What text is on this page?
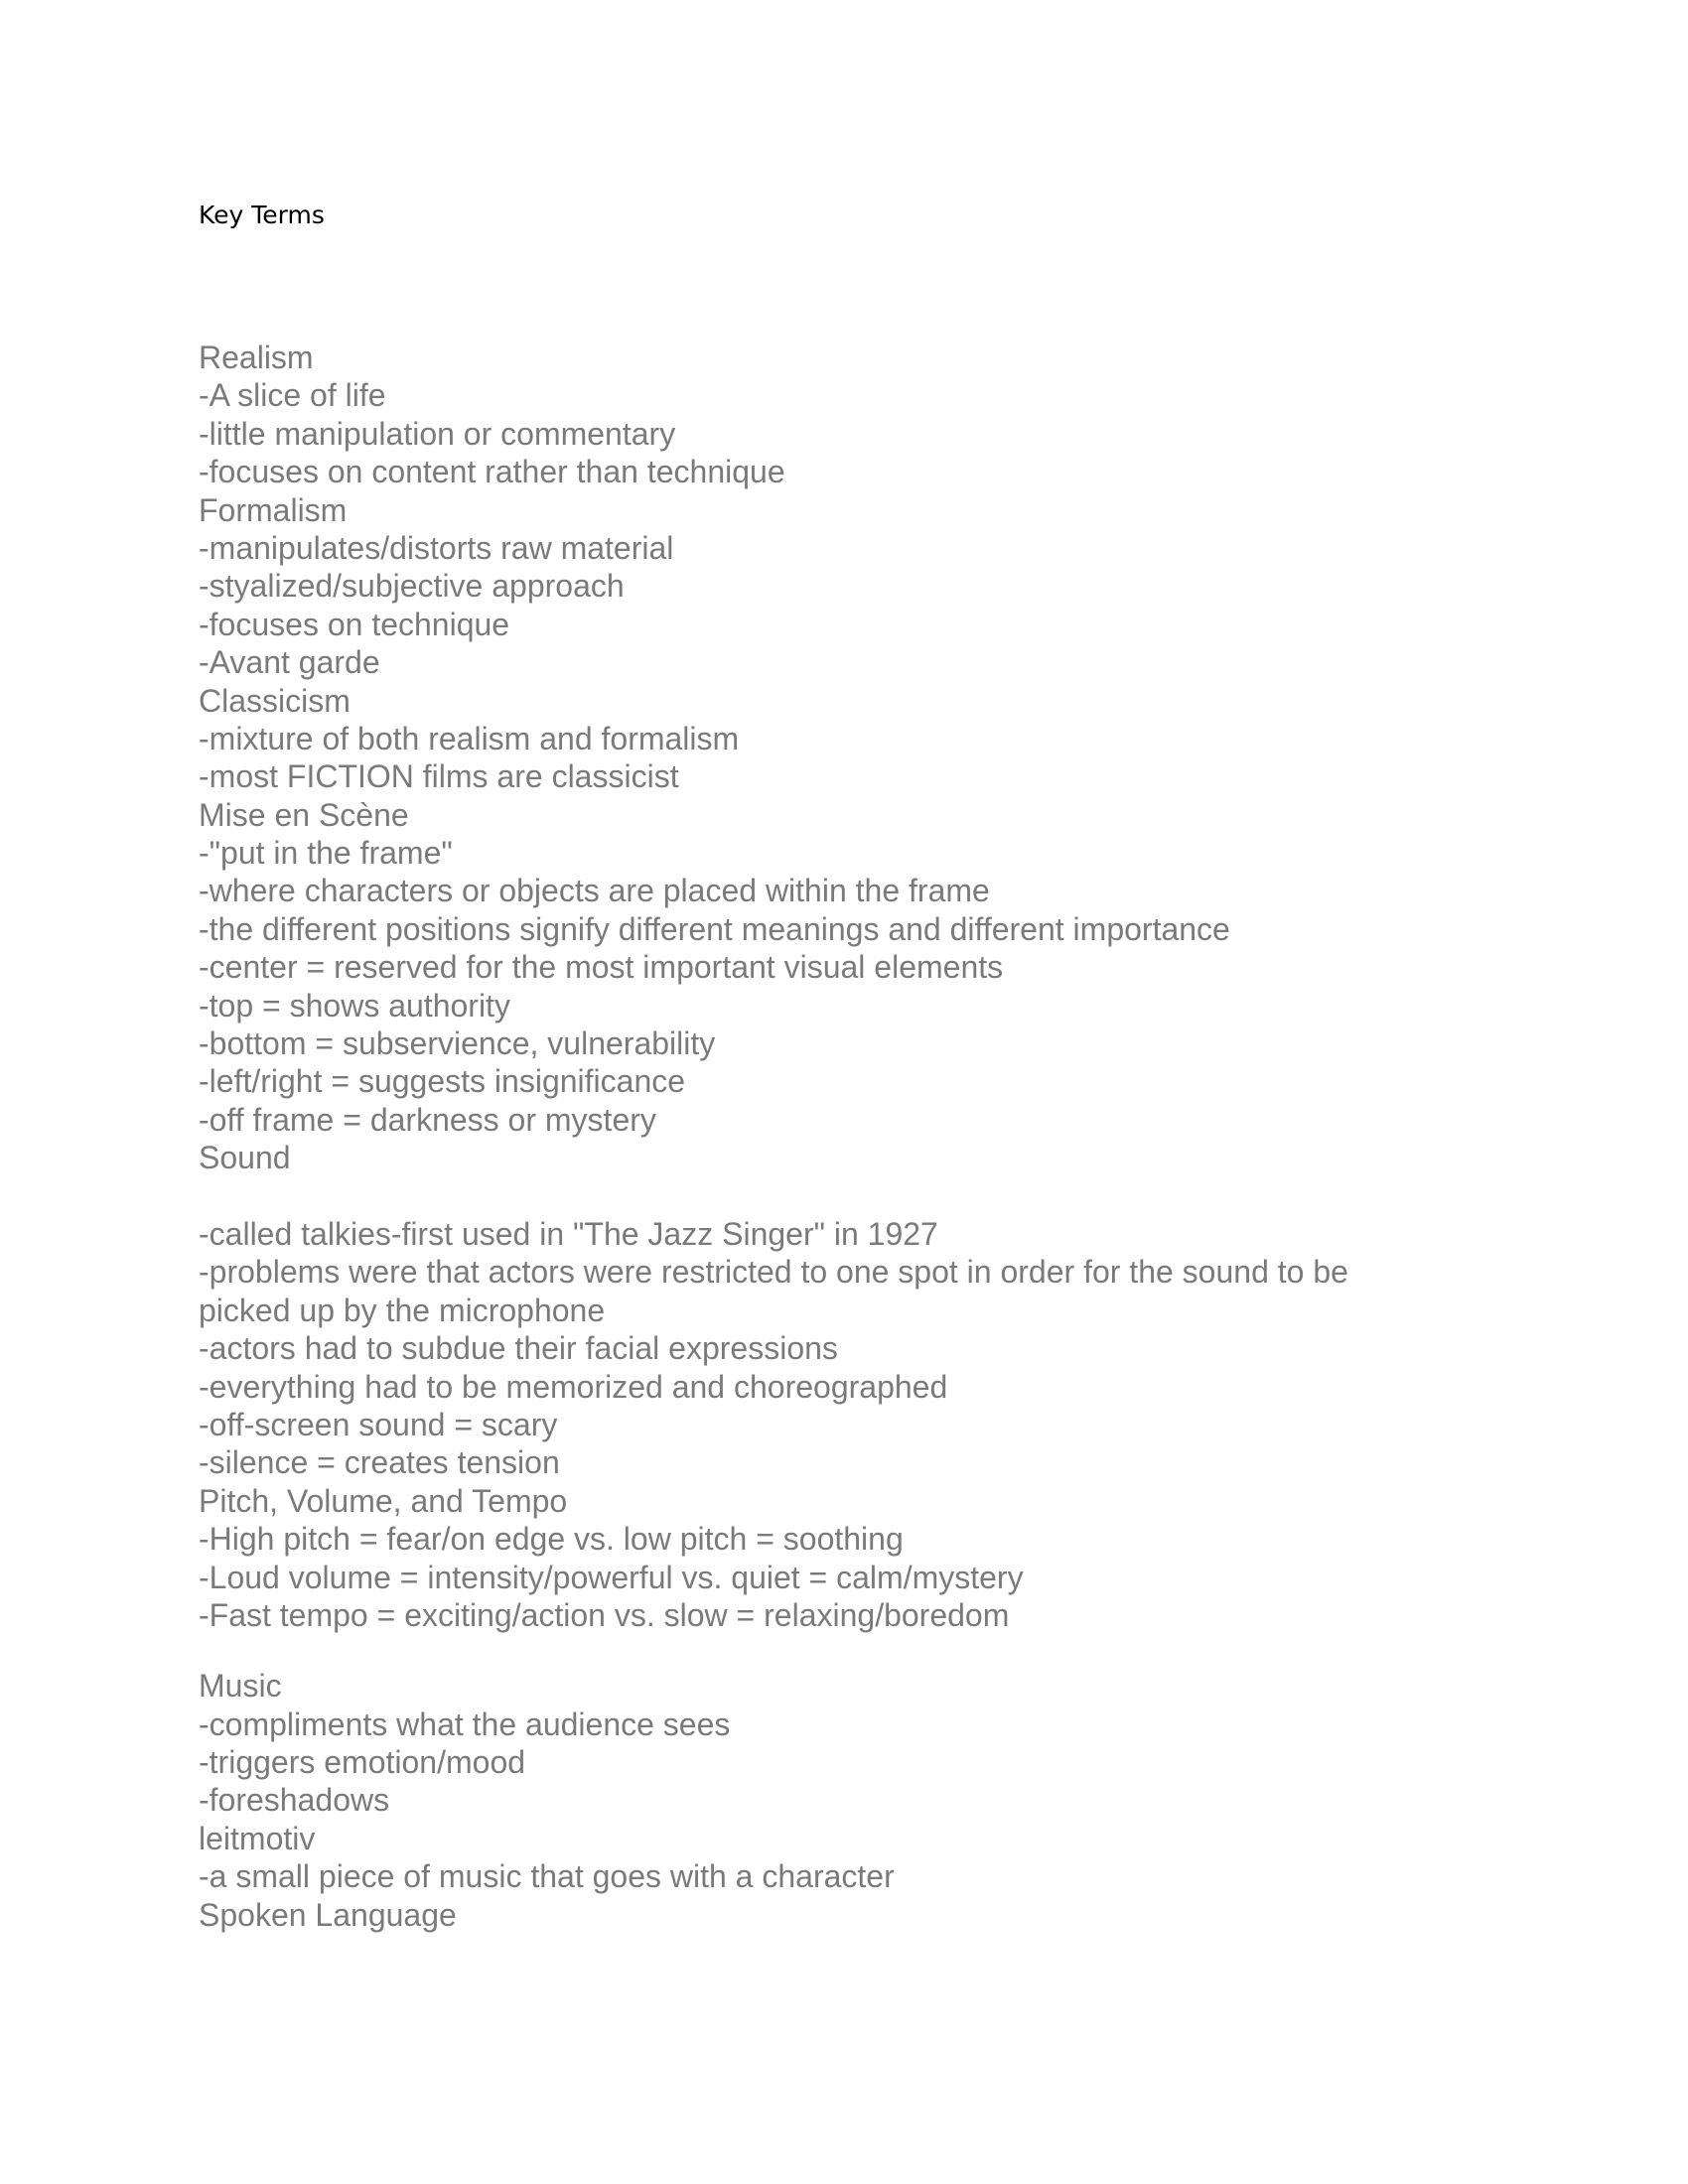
Key Terms

Realism

-A slice of life

-little manipulation or commentary

-focuses on content rather than technique

Formalism

-manipulates/distorts raw material

-styalized/subjective approach

-focuses on technique

-Avant garde

Classicism

-mixture of both realism and formalism

-most FICTION films are classicist

Mise en Scène

-"put in the frame"

-where characters or objects are placed within the frame

-the different positions signify different meanings and different importance

-center = reserved for the most important visual elements

-top = shows authority

-bottom = subservience, vulnerability

-left/right = suggests insignificance

-off frame = darkness or mystery

Sound

-called talkies-first used in "The Jazz Singer" in 1927

-problems were that actors were restricted to one spot in order for the sound to be

picked up by the microphone

-actors had to subdue their facial expressions

-everything had to be memorized and choreographed

-off-screen sound = scary

-silence = creates tension

Pitch, Volume, and Tempo

-High pitch = fear/on edge vs. low pitch = soothing

-Loud volume = intensity/powerful vs. quiet = calm/mystery

-Fast tempo = exciting/action vs. slow = relaxing/boredom

Music

-compliments what the audience sees

-triggers emotion/mood

-foreshadows

leitmotiv

-a small piece of music that goes with a character

Spoken Language
